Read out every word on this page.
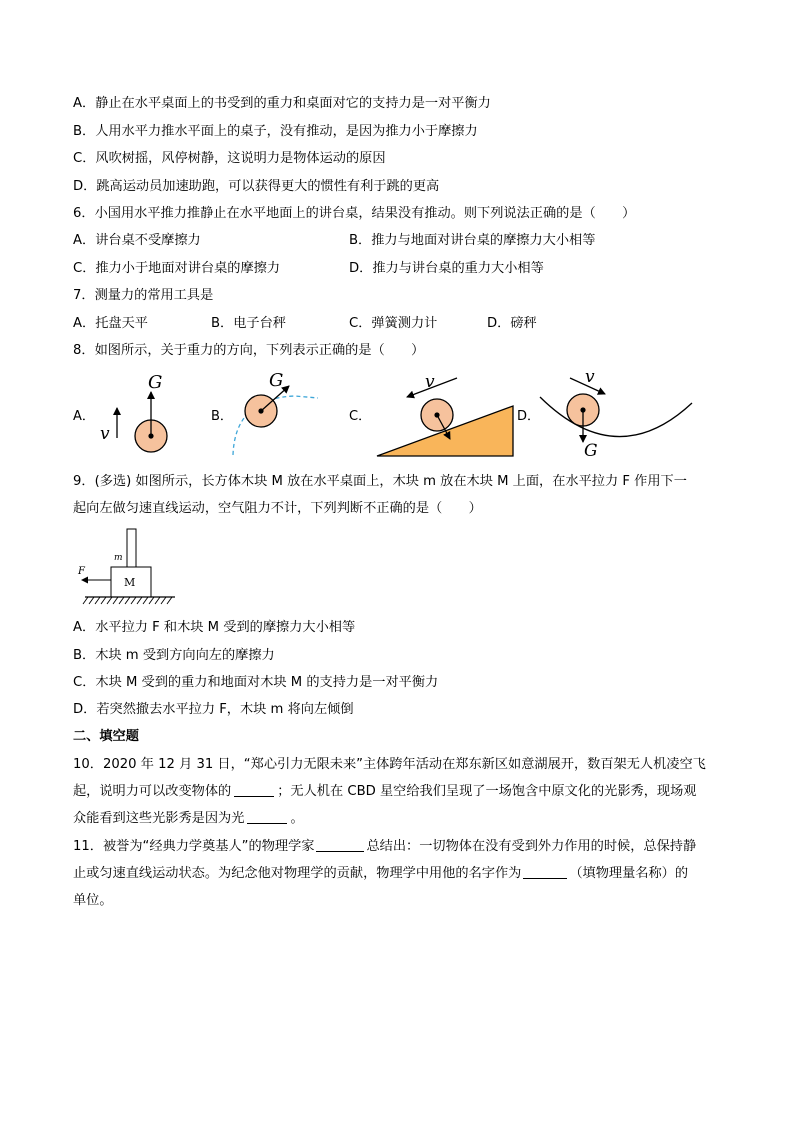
A．静止在水平桌面上的书受到的重力和桌面对它的支持力是一对平衡力
B．人用水平力推水平面上的桌子，没有推动，是因为推力小于摩擦力
C．风吹树摇，风停树静，这说明力是物体运动的原因
D．跳高运动员加速助跑，可以获得更大的惯性有利于跳的更高
6．小国用水平推力推静止在水平地面上的讲台桌，结果没有推动。则下列说法正确的是（　　）
A．讲台桌不受摩擦力	B．推力与地面对讲台桌的摩擦力大小相等
C．推力小于地面对讲台桌的摩擦力	D．推力与讲台桌的重力大小相等
7．测量力的常用工具是
A．托盘天平	B．电子台秤	C．弹簧测力计	D．磅秤
8．如图所示，关于重力的方向，下列表示正确的是（　　）
A．	B．	C．	D．
v
G	G	v
G
v
9．(多选) 如图所示，长方体木块 M 放在水平桌面上，木块 m 放在木块 M 上面，在水平拉力 F 作用下一
起向左做匀速直线运动，空气阻力不计，下列判断不正确的是（　　）
F
m
M
A．水平拉力 F 和木块 M 受到的摩擦力大小相等
B．木块 m 受到方向向左的摩擦力
C．木块 M 受到的重力和地面对木块 M 的支持力是一对平衡力
D．若突然撤去水平拉力 F，木块 m 将向左倾倒
二、填空题
10．2020 年 12 月 31 日，“郑心引力无限未来”主体跨年活动在郑东新区如意湖展开，数百架无人机凌空飞
起，说明力可以改变物体的	；无人机在 CBD 星空给我们呈现了一场饱含中原文化的光影秀，现场观
众能看到这些光影秀是因为光	。
11．被誉为“经典力学奠基人”的物理学家	总结出：一切物体在没有受到外力作用的时候，总保持静
止或匀速直线运动状态。为纪念他对物理学的贡献，物理学中用他的名字作为	（填物理量名称）的
单位。
